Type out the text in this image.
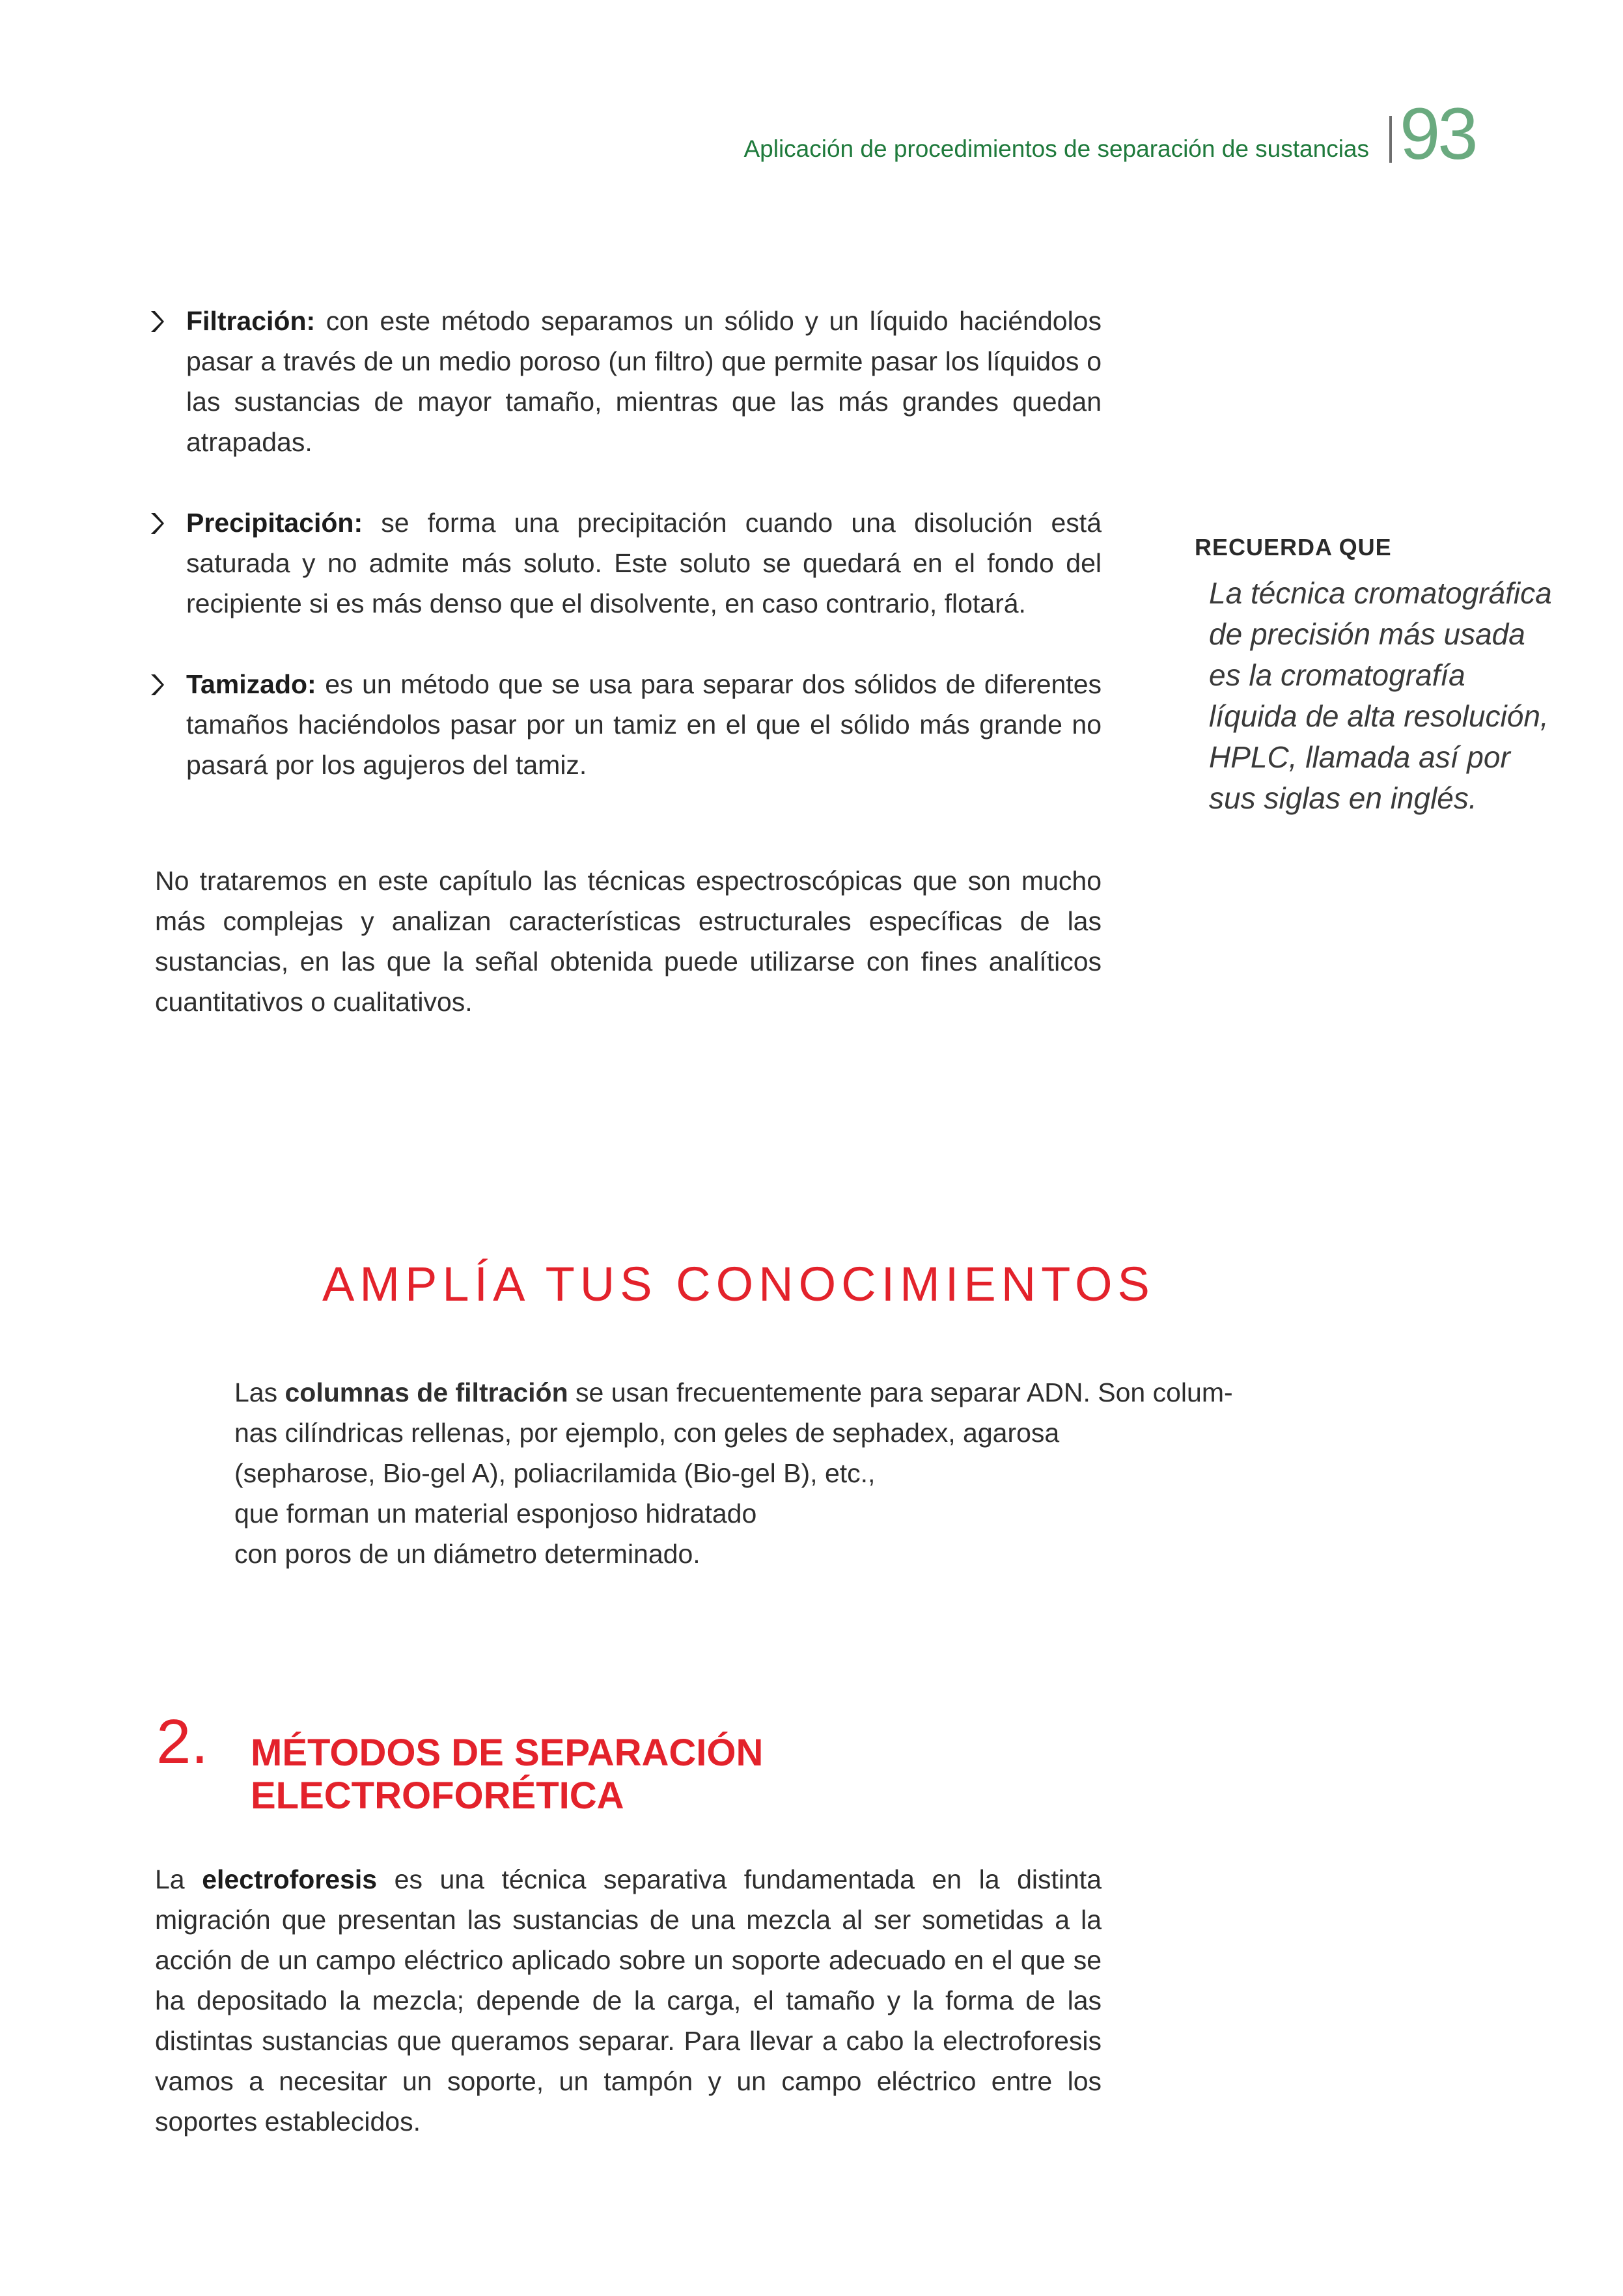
Aplicación de procedimientos de separación de sustancias 93

Filtración: con este método separamos un sólido y un líquido haciéndolos pasar a través de un medio poroso (un filtro) que permite pasar los líquidos o las sustancias de mayor tamaño, mientras que las más grandes quedan atrapadas.

Precipitación: se forma una precipitación cuando una disolución está saturada y no admite más soluto. Este soluto se quedará en el fondo del recipiente si es más denso que el disolvente, en caso contrario, flotará.

Tamizado: es un método que se usa para separar dos sólidos de diferentes tamaños haciéndolos pasar por un tamiz en el que el sólido más grande no pasará por los agujeros del tamiz.

No trataremos en este capítulo las técnicas espectroscópicas que son mucho más complejas y analizan características estructurales específicas de las sustancias, en las que la señal obtenida puede utilizarse con fines analíticos cuantitativos o cualitativos.

RECUERDA QUE

La técnica cromatográfica de precisión más usada es la cromatografía líquida de alta resolución, HPLC, llamada así por sus siglas en inglés.

AMPLÍA TUS CONOCIMIENTOS

Las columnas de filtración se usan frecuentemente para separar ADN. Son colum-
nas cilíndricas rellenas, por ejemplo, con geles de sephadex, agarosa
(sepharose, Bio-gel A), poliacrilamida (Bio-gel B), etc.,
que forman un material esponjoso hidratado
con poros de un diámetro determinado.

2. MÉTODOS DE SEPARACIÓN
ELECTROFORÉTICA

La electroforesis es una técnica separativa fundamentada en la distinta migración que presentan las sustancias de una mezcla al ser sometidas a la acción de un campo eléctrico aplicado sobre un soporte adecuado en el que se ha depositado la mezcla; depende de la carga, el tamaño y la forma de las distintas sustancias que queramos separar. Para llevar a cabo la electroforesis vamos a necesitar un soporte, un tampón y un campo eléctrico entre los soportes establecidos.
